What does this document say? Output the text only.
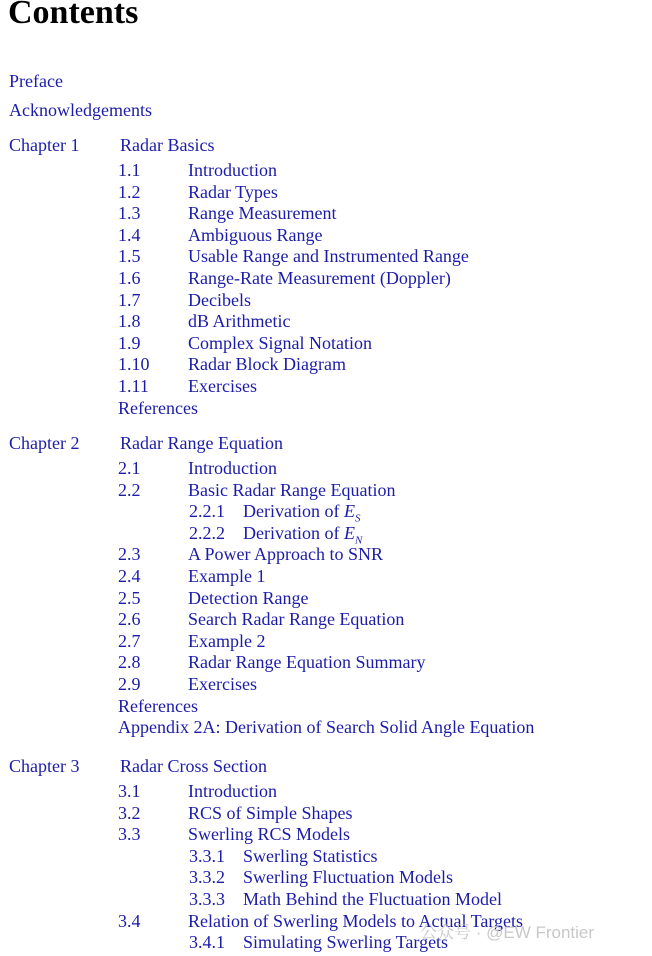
Contents
Preface
Acknowledgements
Chapter 1 Radar Basics
1.1	Introduction
1.2	Radar Types
1.3	Range Measurement
1.4	Ambiguous Range
1.5	Usable Range and Instrumented Range
1.6	Range-Rate Measurement (Doppler)
1.7	Decibels
1.8	dB Arithmetic
1.9	Complex Signal Notation
1.10 Radar Block Diagram
1.11 Exercises
References
Chapter 2 Radar Range Equation
2.1	Introduction
2.2	Basic Radar Range Equation
2.2.1 Derivation of $E_S$
2.2.2 Derivation of $E_N$
2.3	A Power Approach to SNR
2.4	Example 1
2.5	Detection Range
2.6	Search Radar Range Equation
2.7	Example 2
2.8	Radar Range Equation Summary
2.9	Exercises
References
Appendix 2A: Derivation of Search Solid Angle Equation
Chapter 3 Radar Cross Section
3.1	Introduction
3.2	RCS of Simple Shapes
3.3	Swerling RCS Models
3.3.1 Swerling Statistics
3.3.2 Swerling Fluctuation Models
3.3.3 Math Behind the Fluctuation Model
3.4	Relation of Swerling Models to Actual Targets
3.4.1 Simulating Swerling Targets
公众号 · @EW Frontier
